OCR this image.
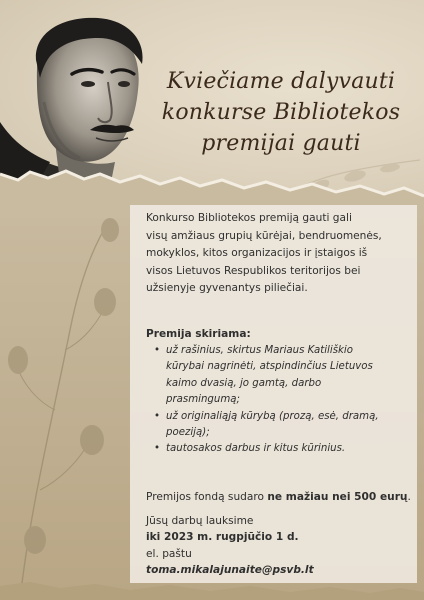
Kviečiame dalyvauti
konkurse Bibliotekos
premijai gauti

Konkurso Bibliotekos premiją gauti gali
visų amžiaus grupių kūrėjai, bendruomenės,
mokyklos, kitos organizacijos ir įstaigos iš
visos Lietuvos Respublikos teritorijos bei
užsienyje gyvenantys piliečiai.

Premija skiriama:
• už rašinius, skirtus Mariaus Katiliškio
kūrybai nagrinėti, atspindinčius Lietuvos
kaimo dvasią, jo gamtą, darbo
prasmingumą;
• už originaliąją kūrybą (prozą, esė, dramą,
poeziją);
• tautosakos darbus ir kitus kūrinius.

Premijos fondą sudaro ne mažiau nei 500 eurų.

Jūsų darbų lauksime
iki 2023 m. rugpjūčio 1 d.
el. paštu
toma.mikalajunaite@psvb.lt
